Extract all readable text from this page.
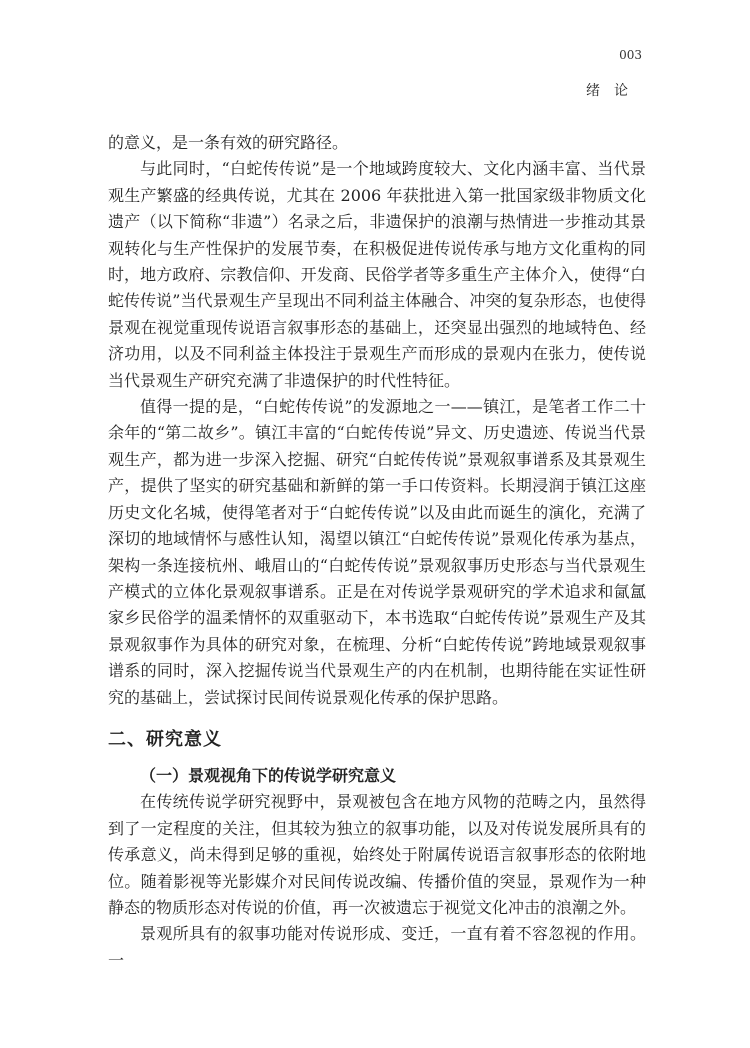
003
绪论

的意义，是一条有效的研究路径。

与此同时，“白蛇传传说”是一个地域跨度较大、文化内涵丰富、当代景观生产繁盛的经典传说，尤其在 2006 年获批进入第一批国家级非物质文化遗产（以下简称“非遗”）名录之后，非遗保护的浪潮与热情进一步推动其景观转化与生产性保护的发展节奏，在积极促进传说传承与地方文化重构的同时，地方政府、宗教信仰、开发商、民俗学者等多重生产主体介入，使得“白蛇传传说”当代景观生产呈现出不同利益主体融合、冲突的复杂形态，也使得景观在视觉重现传说语言叙事形态的基础上，还突显出强烈的地域特色、经济功用，以及不同利益主体投注于景观生产而形成的景观内在张力，使传说当代景观生产研究充满了非遗保护的时代性特征。

值得一提的是，“白蛇传传说”的发源地之一——镇江，是笔者工作二十余年的“第二故乡”。镇江丰富的“白蛇传传说”异文、历史遗迹、传说当代景观生产，都为进一步深入挖掘、研究“白蛇传传说”景观叙事谱系及其景观生产，提供了坚实的研究基础和新鲜的第一手口传资料。长期浸润于镇江这座历史文化名城，使得笔者对于“白蛇传传说”以及由此而诞生的演化，充满了深切的地域情怀与感性认知，渴望以镇江“白蛇传传说”景观化传承为基点，架构一条连接杭州、峨眉山的“白蛇传传说”景观叙事历史形态与当代景观生产模式的立体化景观叙事谱系。正是在对传说学景观研究的学术追求和氤氲家乡民俗学的温柔情怀的双重驱动下，本书选取“白蛇传传说”景观生产及其景观叙事作为具体的研究对象，在梳理、分析“白蛇传传说”跨地域景观叙事谱系的同时，深入挖掘传说当代景观生产的内在机制，也期待能在实证性研究的基础上，尝试探讨民间传说景观化传承的保护思路。

二、研究意义
（一）景观视角下的传说学研究意义

在传统传说学研究视野中，景观被包含在地方风物的范畴之内，虽然得到了一定程度的关注，但其较为独立的叙事功能，以及对传说发展所具有的传承意义，尚未得到足够的重视，始终处于附属传说语言叙事形态的依附地位。随着影视等光影媒介对民间传说改编、传播价值的突显，景观作为一种静态的物质形态对传说的价值，再一次被遗忘于视觉文化冲击的浪潮之外。

景观所具有的叙事功能对传说形成、变迁，一直有着不容忽视的作用。一
